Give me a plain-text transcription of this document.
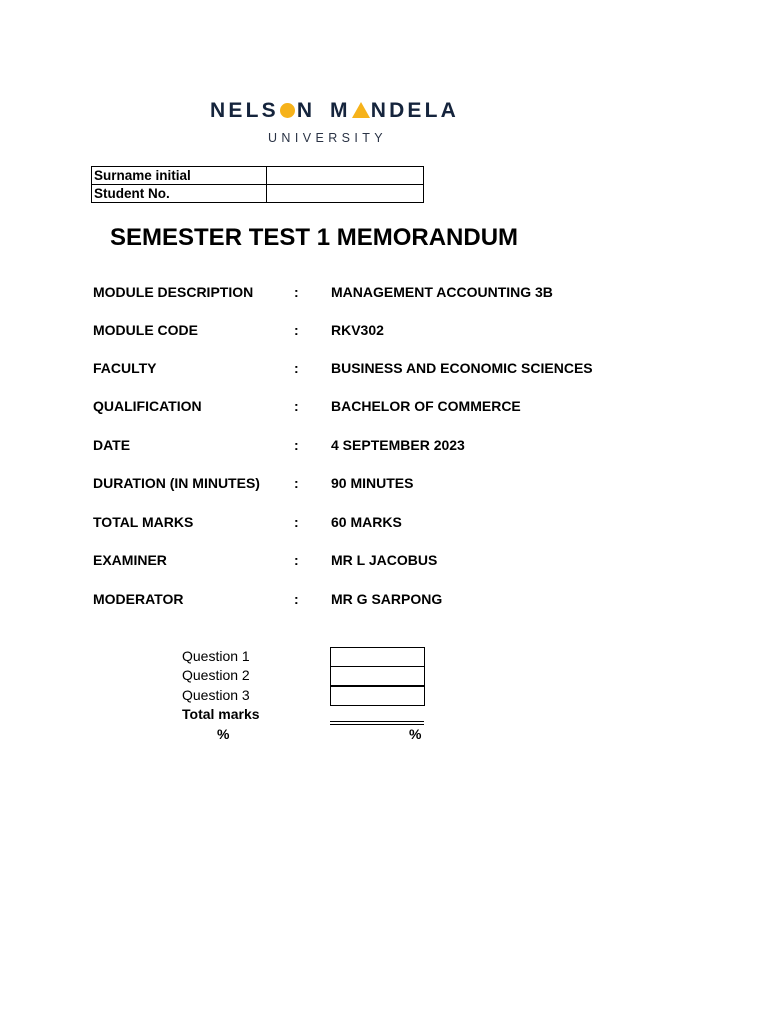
NELS N M NDELA
UNIVERSITY
Surname initial	
Student No.	
SEMESTER TEST 1 MEMORANDUM
MODULE DESCRIPTION	: MANAGEMENT ACCOUNTING 3B
MODULE CODE	: RKV302
FACULTY	: BUSINESS AND ECONOMIC SCIENCES
QUALIFICATION	: BACHELOR OF COMMERCE
DATE	: 4 SEPTEMBER 2023
DURATION (IN MINUTES) : 90 MINUTES
TOTAL MARKS	: 60 MARKS
EXAMINER	: MR L JACOBUS
MODERATOR	: MR G SARPONG
Question 1
Question 2
Question 3
Total marks
%	%
